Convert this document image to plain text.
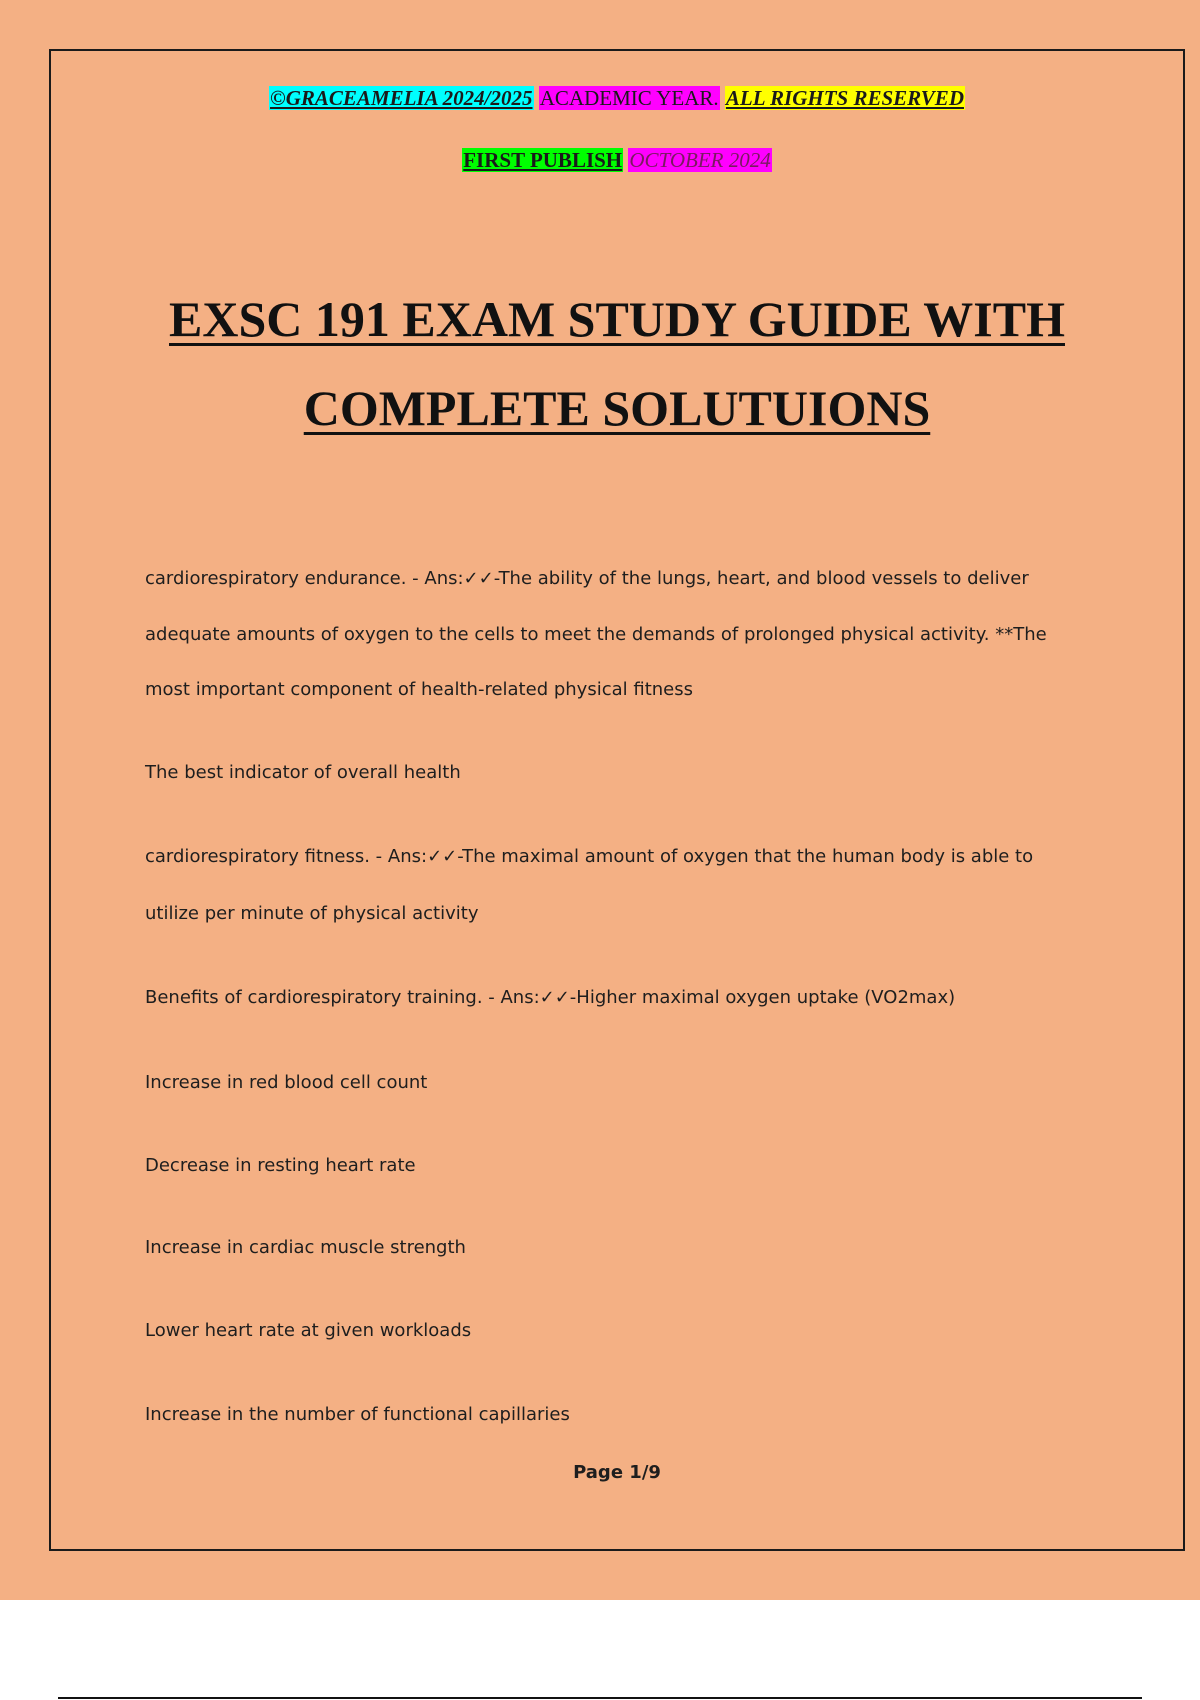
©GRACEAMELIA 2024/2025 ACADEMIC YEAR. ALL RIGHTS RESERVED
FIRST PUBLISH OCTOBER 2024
EXSC 191 EXAM STUDY GUIDE WITH
COMPLETE SOLUTUIONS
cardiorespiratory endurance. - Ans:✓✓-The ability of the lungs, heart, and blood vessels to deliver
adequate amounts of oxygen to the cells to meet the demands of prolonged physical activity. **The
most important component of health-related physical fitness
The best indicator of overall health
cardiorespiratory fitness. - Ans:✓✓-The maximal amount of oxygen that the human body is able to
utilize per minute of physical activity
Benefits of cardiorespiratory training. - Ans:✓✓-Higher maximal oxygen uptake (VO2max)
Increase in red blood cell count
Decrease in resting heart rate
Increase in cardiac muscle strength
Lower heart rate at given workloads
Increase in the number of functional capillaries
Page 1/9
